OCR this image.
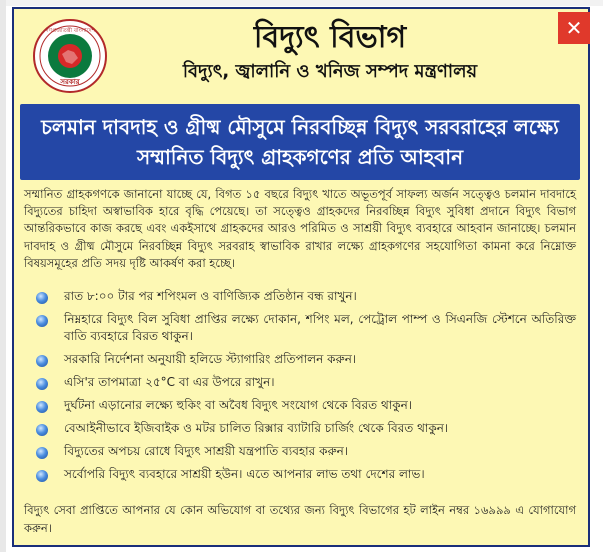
✕
সরকার
গণপ্রজাতন্ত্রী বাংলাদেশ	বিদ্যুৎ বিভাগ
বিদ্যুৎ, জ্বালানি ও খনিজ সম্পদ মন্ত্রণালয়
চলমান দাবদাহ ও গ্রীষ্ম মৌসুমে নিরবচ্ছিন্ন বিদ্যুৎ সরবরাহের লক্ষ্যে
সম্মানিত বিদ্যুৎ গ্রাহকগণের প্রতি আহবান
সম্মানিত গ্রাহকগণকে জানানো যাচ্ছে যে, বিগত ১৫ বছরে বিদ্যুৎ খাতে অভূতপূর্ব সাফল্য অর্জন সত্ত্বেও চলমান দাবদাহে বিদ্যুতের চাহিদা অস্বাভাবিক হারে বৃদ্ধি পেয়েছে। তা সত্ত্বেও গ্রাহকদের নিরবচ্ছিন্ন বিদ্যুৎ সুবিধা প্রদানে বিদ্যুৎ বিভাগ আন্তরিকভাবে কাজ করছে এবং একইসাথে গ্রাহকদের আরও পরিমিত ও সাশ্রয়ী বিদ্যুৎ ব্যবহারে আহবান জানাচ্ছে। চলমান দাবদাহ ও গ্রীষ্ম মৌসুমে নিরবচ্ছিন্ন বিদ্যুৎ সরবরাহ স্বাভাবিক রাখার লক্ষ্যে গ্রাহকগণের সহযোগিতা কামনা করে নিম্নোক্ত বিষয়সমূহের প্রতি সদয় দৃষ্টি আকর্ষণ করা হচ্ছে।
রাত ৮:০০ টার পর শপিংমল ও বাণিজ্যিক প্রতিষ্ঠান বন্ধ রাখুন।
নিম্নহারে বিদ্যুৎ বিল সুবিধা প্রাপ্তির লক্ষ্যে দোকান, শপিং মল, পেট্রোল পাম্প ও সিএনজি স্টেশনে অতিরিক্ত বাতি ব্যবহারে বিরত থাকুন।
সরকারি নির্দেশনা অনুযায়ী হলিডে স্ট্যাগারিং প্রতিপালন করুন।
এসি'র তাপমাত্রা ২৫°C বা এর উপরে রাখুন।
দুর্ঘটনা এড়ানোর লক্ষ্যে হুকিং বা অবৈধ বিদ্যুৎ সংযোগ থেকে বিরত থাকুন।
বেআইনীভাবে ইজিবাইক ও মটর চালিত রিক্সার ব্যাটারি চার্জিং থেকে বিরত থাকুন।
বিদ্যুতের অপচয় রোধে বিদ্যুৎ সাশ্রয়ী যন্ত্রপাতি ব্যবহার করুন।
সর্বোপরি বিদ্যুৎ ব্যবহারে সাশ্রয়ী হউন। এতে আপনার লাভ তথা দেশের লাভ।
বিদ্যুৎ সেবা প্রাপ্তিতে আপনার যে কোন অভিযোগ বা তথ্যের জন্য বিদ্যুৎ বিভাগের হট লাইন নম্বর ১৬৯৯৯ এ যোগাযোগ করুন।
